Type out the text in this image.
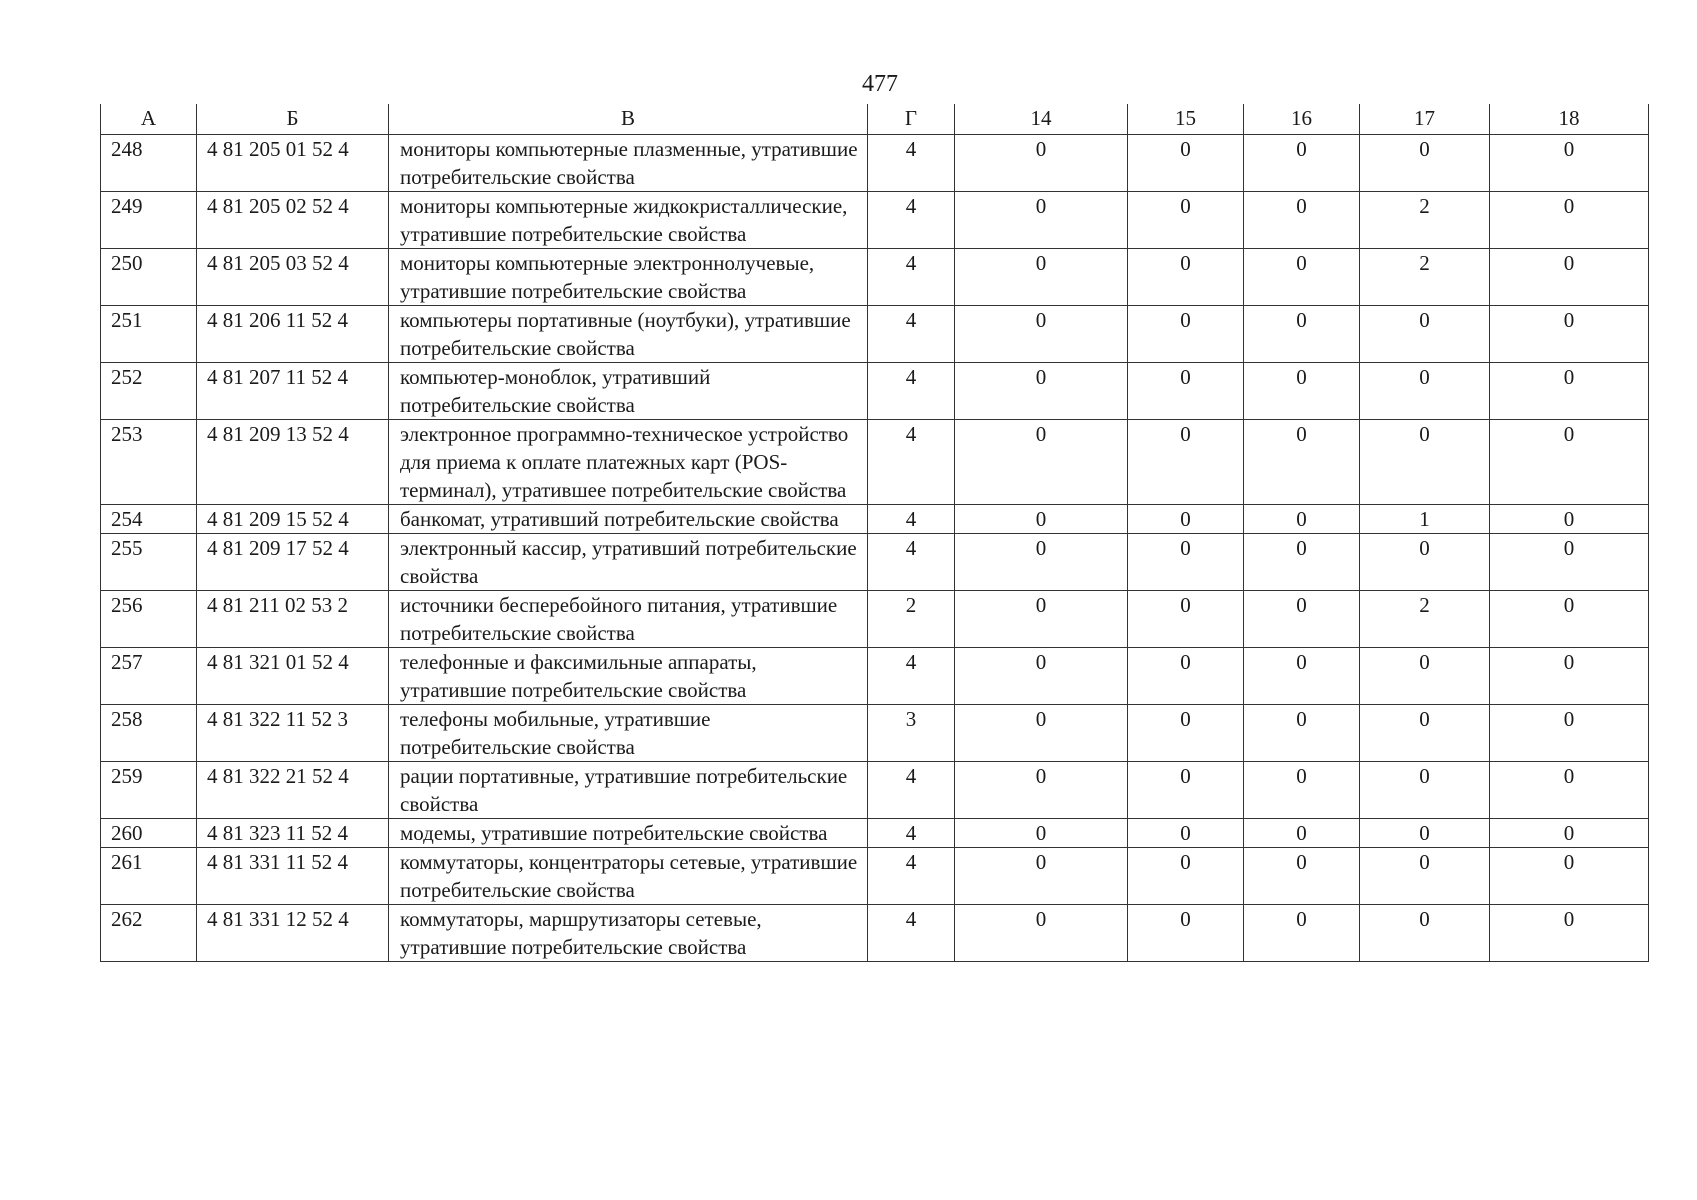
477
А	Б	В	Г	14	15	16	17	18
248	4 81 205 01 52 4	мониторы компьютерные плазменные, утратившие потребительские свойства	4	0	0	0	0	0
249	4 81 205 02 52 4	мониторы компьютерные жидкокристаллические, утратившие потребительские свойства	4	0	0	0	2	0
250	4 81 205 03 52 4	мониторы компьютерные электроннолучевые, утратившие потребительские свойства	4	0	0	0	2	0
251	4 81 206 11 52 4	компьютеры портативные (ноутбуки), утратившие потребительские свойства	4	0	0	0	0	0
252	4 81 207 11 52 4	компьютер-моноблок, утративший потребительские свойства	4	0	0	0	0	0
253	4 81 209 13 52 4	электронное программно-техническое устройство для приема к оплате платежных карт (POS-терминал), утратившее потребительские свойства	4	0	0	0	0	0
254	4 81 209 15 52 4	банкомат, утративший потребительские свойства	4	0	0	0	1	0
255	4 81 209 17 52 4	электронный кассир, утративший потребительские свойства	4	0	0	0	0	0
256	4 81 211 02 53 2	источники бесперебойного питания, утратившие потребительские свойства	2	0	0	0	2	0
257	4 81 321 01 52 4	телефонные и факсимильные аппараты, утратившие потребительские свойства	4	0	0	0	0	0
258	4 81 322 11 52 3	телефоны мобильные, утратившие потребительские свойства	3	0	0	0	0	0
259	4 81 322 21 52 4	рации портативные, утратившие потребительские свойства	4	0	0	0	0	0
260	4 81 323 11 52 4	модемы, утратившие потребительские свойства	4	0	0	0	0	0
261	4 81 331 11 52 4	коммутаторы, концентраторы сетевые, утратившие потребительские свойства	4	0	0	0	0	0
262	4 81 331 12 52 4	коммутаторы, маршрутизаторы сетевые, утратившие потребительские свойства	4	0	0	0	0	0
